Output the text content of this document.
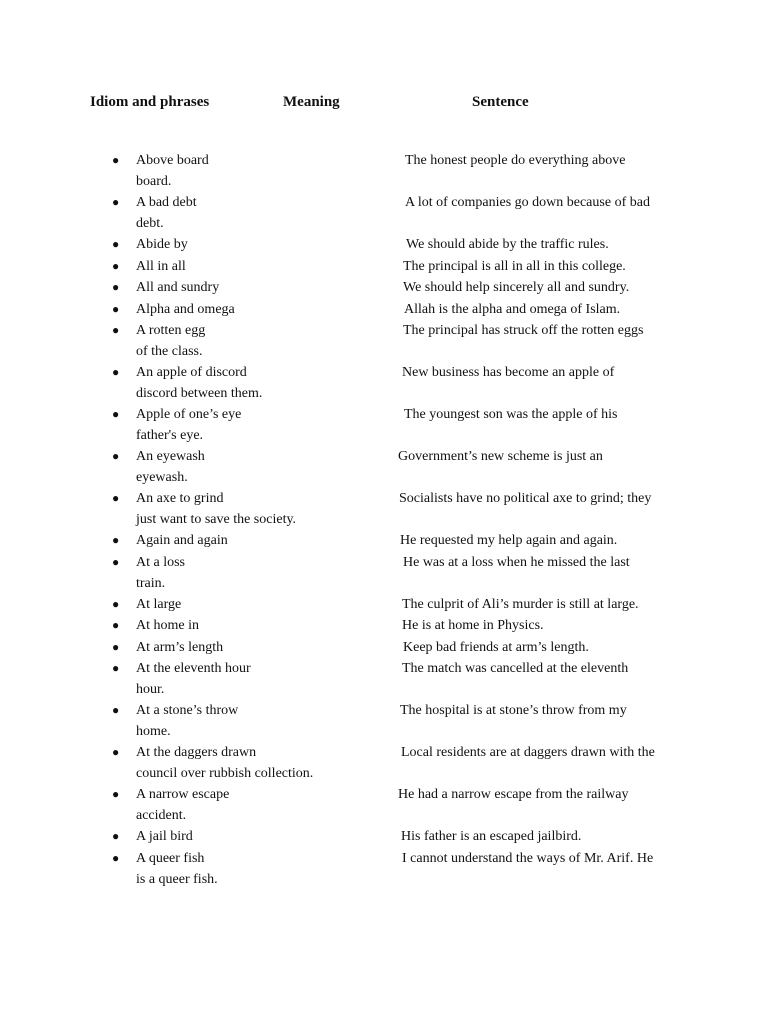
Idiom and phrases	Meaning	Sentence
● Above board	The honest people do everything above
board.
● A bad debt	A lot of companies go down because of bad
debt.
● Abide by	We should abide by the traffic rules.
● All in all	The principal is all in all in this college.
● All and sundry	We should help sincerely all and sundry.
● Alpha and omega	Allah is the alpha and omega of Islam.
● A rotten egg	The principal has struck off the rotten eggs
of the class.
● An apple of discord	New business has become an apple of
discord between them.
● Apple of one’s eye	The youngest son was the apple of his
father's eye.
● An eyewash	Government’s new scheme is just an
eyewash.
● An axe to grind	Socialists have no political axe to grind; they
just want to save the society.
● Again and again	He requested my help again and again.
● At a loss	He was at a loss when he missed the last
train.
● At large	The culprit of Ali’s murder is still at large.
● At home in	He is at home in Physics.
● At arm’s length	Keep bad friends at arm’s length.
● At the eleventh hour	The match was cancelled at the eleventh
hour.
● At a stone’s throw	The hospital is at stone’s throw from my
home.
● At the daggers drawn	Local residents are at daggers drawn with the
council over rubbish collection.
● A narrow escape	He had a narrow escape from the railway
accident.
● A jail bird	His father is an escaped jailbird.
● A queer fish	I cannot understand the ways of Mr. Arif. He
is a queer fish.
